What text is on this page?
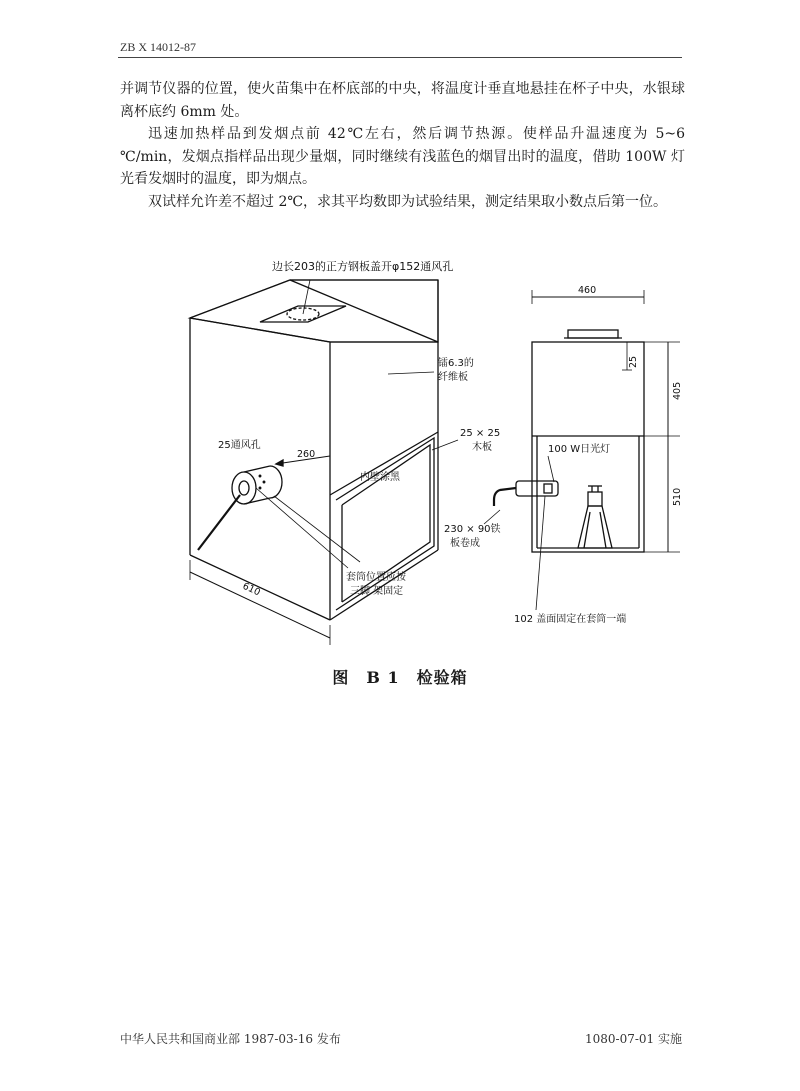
ZB X 14012-87

并调节仪器的位置，使火苗集中在杯底部的中央，将温度计垂直地悬挂在杯子中央，水银球离杯底约 6mm 处。

迅速加热样品到发烟点前 42℃左右，然后调节热源。使样品升温速度为 5~6 ℃/min，发烟点指样品出现少量烟，同时继续有浅蓝色的烟冒出时的温度，借助 100W 灯光看发烟时的温度，即为烟点。

双试样允许差不超过 2℃，求其平均数即为试验结果，测定结果取小数点后第一位。

边长203的正方钢板盖开φ152通风孔
镭6.3的
纤维板
25通风孔
25 × 25
木板
内壁涂黑
100 W日光灯
230 × 90铁
板卷成
套筒位置应按
三脚 架固定
102 盖面固定在套筒一端
260
610
460
25
405
510
图　B 1　检验箱
中华人民共和国商业部 1987-03-16 发布	1080-07-01 实施
